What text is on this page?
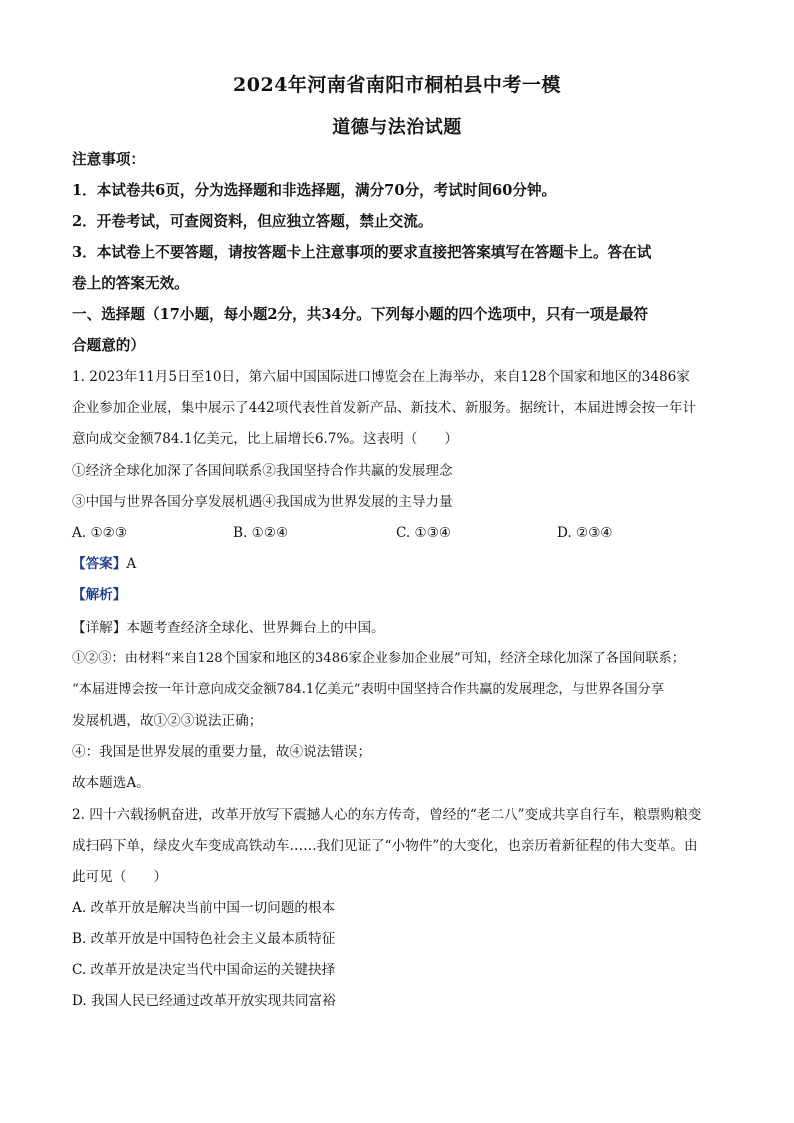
2024年河南省南阳市桐柏县中考一模
道德与法治试题
注意事项：
1．本试卷共6页，分为选择题和非选择题，满分70分，考试时间60分钟。
2．开卷考试，可查阅资料，但应独立答题，禁止交流。
3．本试卷上不要答题，请按答题卡上注意事项的要求直接把答案填写在答题卡上。答在试
卷上的答案无效。
一、选择题（17小题，每小题2分，共34分。下列每小题的四个选项中，只有一项是最符
合题意的）
1. 2023年11月5日至10日，第六届中国国际进口博览会在上海举办，来自128个国家和地区的3486家
企业参加企业展，集中展示了442项代表性首发新产品、新技术、新服务。据统计，本届进博会按一年计
意向成交金额784.1亿美元，比上届增长6.7%。这表明（　　）
①经济全球化加深了各国间联系②我国坚持合作共赢的发展理念
③中国与世界各国分享发展机遇④我国成为世界发展的主导力量
A. ①②③	B. ①②④	C. ①③④	D. ②③④
【答案】A
【解析】
【详解】本题考查经济全球化、世界舞台上的中国。
①②③：由材料“来自128个国家和地区的3486家企业参加企业展”可知，经济全球化加深了各国间联系；
“本届进博会按一年计意向成交金额784.1亿美元”表明中国坚持合作共赢的发展理念，与世界各国分享
发展机遇，故①②③说法正确；
④：我国是世界发展的重要力量，故④说法错误；
故本题选A。
2. 四十六载扬帆奋进，改革开放写下震撼人心的东方传奇，曾经的“老二八”变成共享自行车，粮票购粮变
成扫码下单，绿皮火车变成高铁动车……我们见证了“小物件”的大变化，也亲历着新征程的伟大变革。由
此可见（　　）
A. 改革开放是解决当前中国一切问题的根本
B. 改革开放是中国特色社会主义最本质特征
C. 改革开放是决定当代中国命运的关键抉择
D. 我国人民已经通过改革开放实现共同富裕
